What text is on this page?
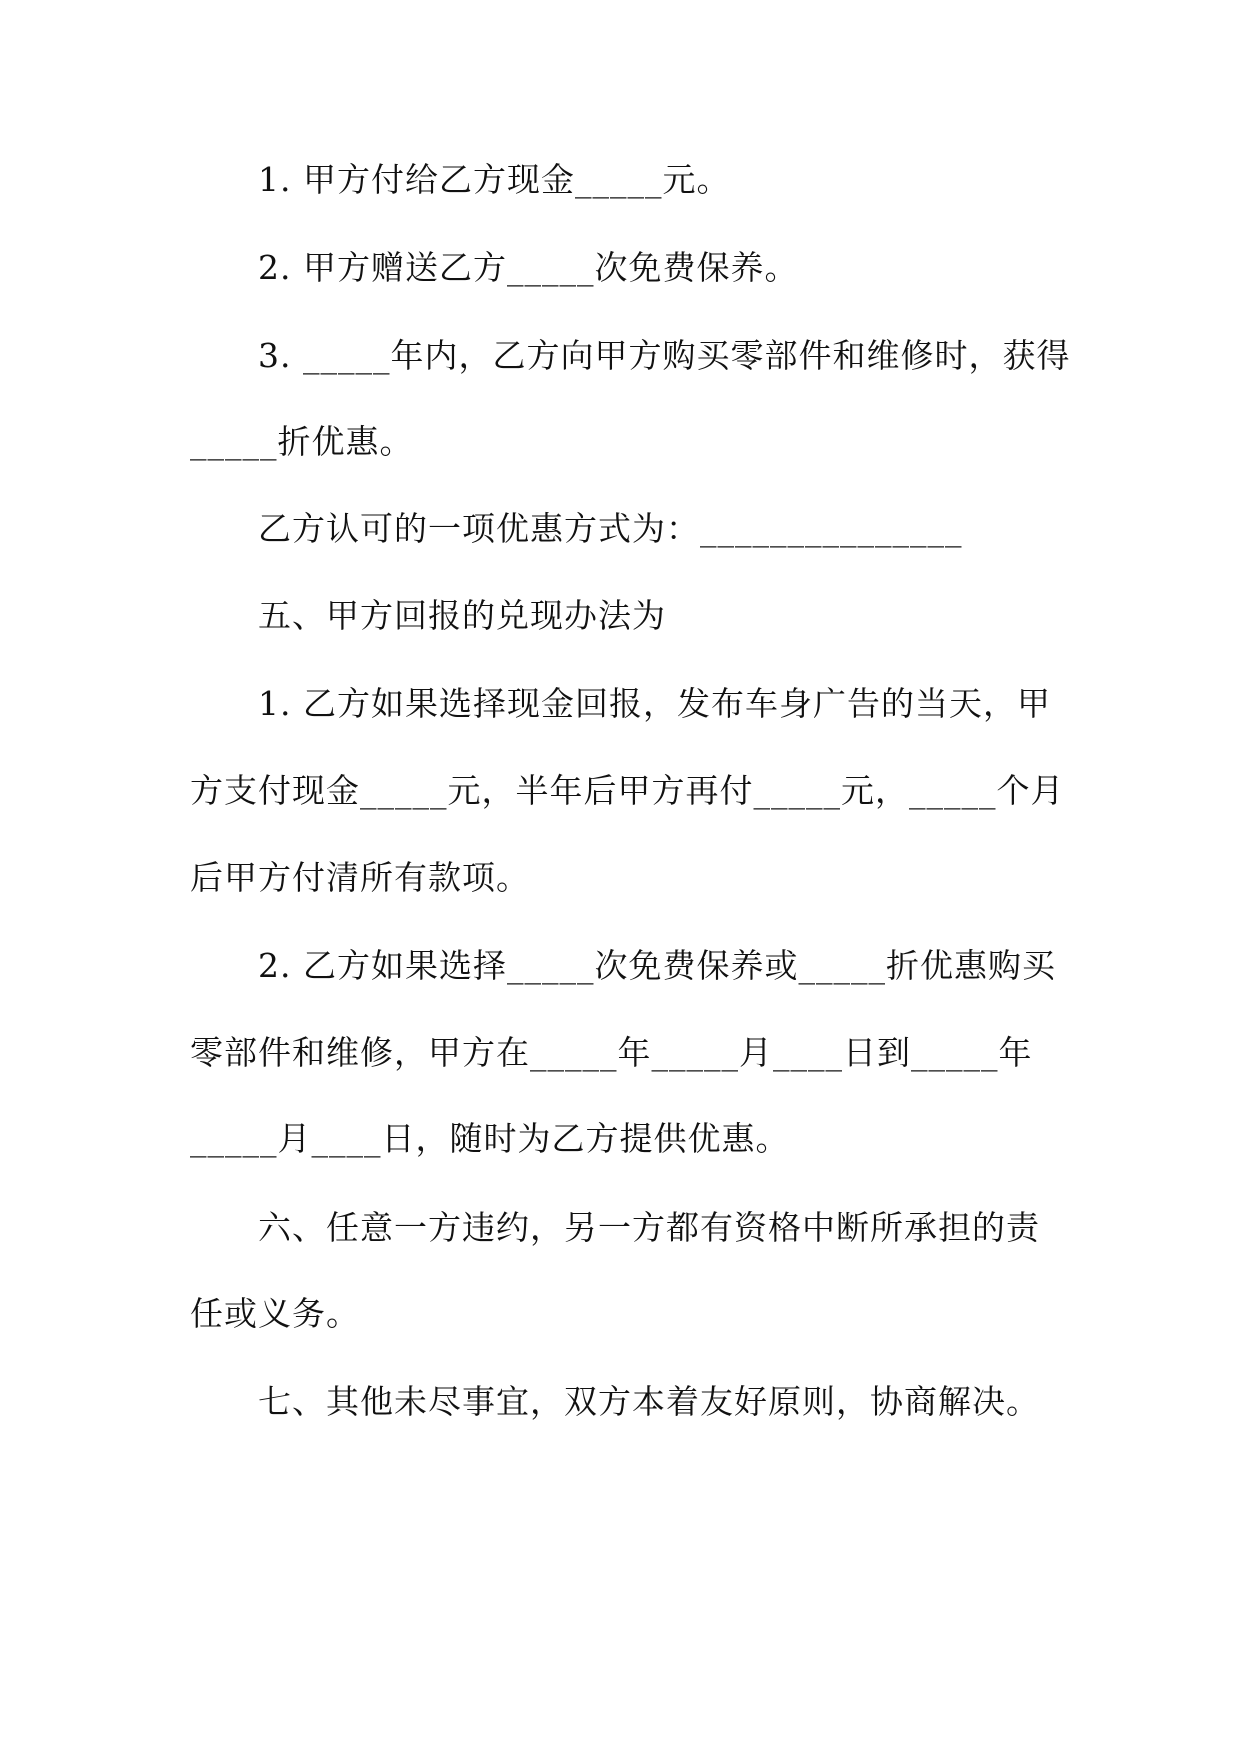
1. 甲方付给乙方现金_____元。
2. 甲方赠送乙方_____次免费保养。
3. _____年内，乙方向甲方购买零部件和维修时，获得
_____折优惠。
乙方认可的一项优惠方式为：_______________
五、甲方回报的兑现办法为
1. 乙方如果选择现金回报，发布车身广告的当天，甲
方支付现金_____元，半年后甲方再付_____元，_____个月
后甲方付清所有款项。
2. 乙方如果选择_____次免费保养或_____折优惠购买
零部件和维修，甲方在_____年_____月____日到_____年
_____月____日，随时为乙方提供优惠。
六、任意一方违约，另一方都有资格中断所承担的责
任或义务。
七、其他未尽事宜，双方本着友好原则，协商解决。
